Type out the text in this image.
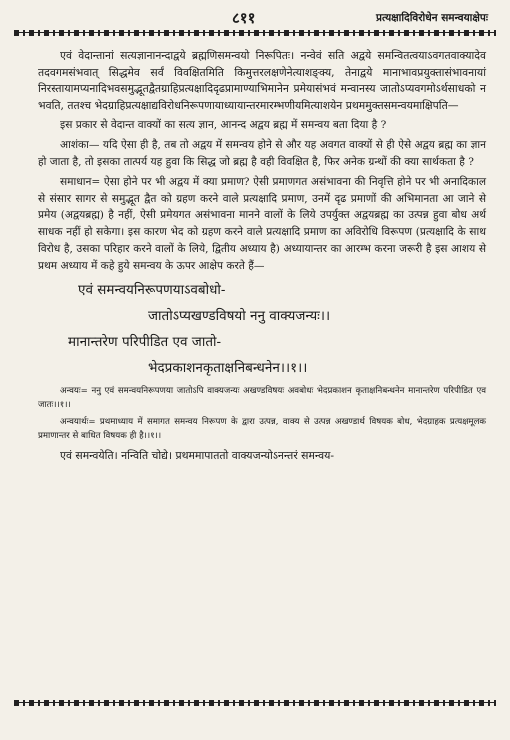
८११	प्रत्यक्षादिविरोधेन समन्वयाक्षेपः

एवं वेदान्तानां सत्यज्ञानानन्दाद्वये ब्रह्मणिसमन्वयो निरूपितः। नन्वेवं सति अद्वये समन्वितत्वयाऽवगतवाक्यादेव तदवगमसंभवात् सिद्धमेव सर्वं विवक्षितमिति किमुत्तरलक्षणेनेत्याशङ्क्य, तेनाद्वये मानाभावप्रयुक्तासंभावनायां निरस्तायामप्यनादिभवसमुद्भूतद्वैतग्राहिप्रत्यक्षादिदृढप्रामाण्याभिमानेन प्रमेयासंभवं मन्वानस्य जातोऽप्यवगमोऽर्थसाधको न भवति, ततश्च भेदग्राहिप्रत्यक्षाद्यविरोधनिरूपणायाध्यायान्तरमारम्भणीयमित्याशयेन प्रथममुक्तसमन्वयमाक्षिपति—

इस प्रकार से वेदान्त वाक्यों का सत्य ज्ञान, आनन्द अद्वय ब्रह्म में समन्वय बता दिया है ?

आशंका— यदि ऐसा ही है, तब तो अद्वय में समन्वय होने से और यह अवगत वाक्यों से ही ऐसे अद्वय ब्रह्म का ज्ञान हो जाता है, तो इसका तात्पर्य यह हुवा कि सिद्ध जो ब्रह्म है वही विवक्षित है, फिर अनेक ग्रन्थों की क्या सार्थकता है ?

समाधान= ऐसा होने पर भी अद्वय में क्या प्रमाण? ऐसी प्रमाणगत असंभावना की निवृत्ति होने पर भी अनादिकाल से संसार सागर से समुद्भूत द्वैत को ग्रहण करने वाले प्रत्यक्षादि प्रमाण, उनमें दृढ प्रमाणों की अभिमानता आ जाने से प्रमेय (अद्वयब्रह्म) है नहीं, ऐसी प्रमेयगत असंभावना मानने वालों के लिये उपर्युक्त अद्वयब्रह्म का उत्पन्न हुवा बोध अर्थ साधक नहीं हो सकेगा। इस कारण भेद को ग्रहण करने वाले प्रत्यक्षादि प्रमाण का अविरोधि विरूपण (प्रत्यक्षादि के साथ विरोध है, उसका परिहार करने वालों के लिये, द्वितीय अध्याय है) अध्यायान्तर का आरम्भ करना जरूरी है इस आशय से प्रथम अध्याय में कहे हुये समन्वय के ऊपर आक्षेप करते हैं—

एवं समन्वयनिरूपणयाऽवबोधो-
जातोऽप्यखण्डविषयो ननु वाक्यजन्यः।।
मानान्तरेण परिपीडित एव जातो-
भेदप्रकाशनकृताक्षनिबन्धनेन।।१।।

अन्वयः= ननु एवं समन्वयनिरूपणया जातोऽपि वाक्यजन्यः अखण्डविषयः अवबोधः भेदप्रकाशन कृताक्षनिबन्धनेन मानान्तरेण परिपीडित एव जातः।।१।।

अन्वयार्थः= प्रथमाध्याय में समागत समन्वय निरूपण के द्वारा उत्पन्न, वाक्य से उत्पन्न अखण्डार्थ विषयक बोध, भेदग्राहक प्रत्यक्षमूलक प्रमाणान्तर से बाधित विषयक ही है।।१।।

एवं समन्वयेति। नन्विति चोद्ये। प्रथममापाततो वाक्यजन्योऽनन्तरं समन्वय-
